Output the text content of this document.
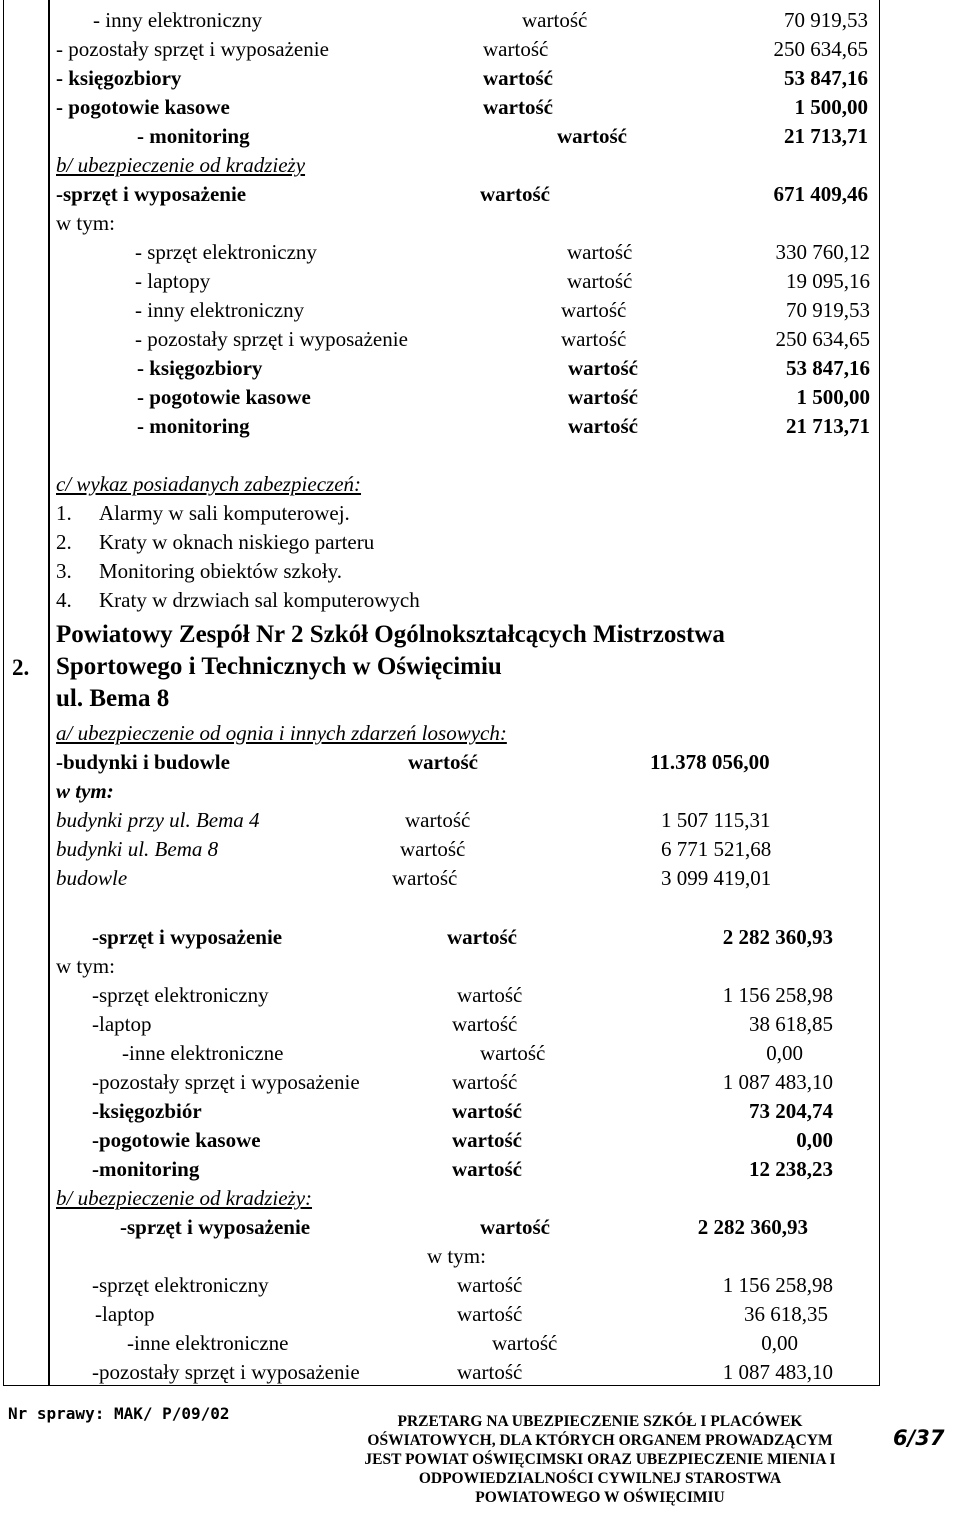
- inny elektroniczny	wartość	70 919,53
- pozostały sprzęt i wyposażenie	wartość	250 634,65
- księgozbiory	wartość	53 847,16
- pogotowie kasowe	wartość	1 500,00
- monitoring	wartość	21 713,71
b/ ubezpieczenie od kradzieży
-sprzęt i wyposażenie	wartość	671 409,46
w tym:
- sprzęt elektroniczny	wartość	330 760,12
- laptopy	wartość	19 095,16
- inny elektroniczny	wartość	70 919,53
- pozostały sprzęt i wyposażenie	wartość	250 634,65
- księgozbiory	wartość	53 847,16
- pogotowie kasowe	wartość	1 500,00
- monitoring	wartość	21 713,71
c/ wykaz posiadanych zabezpieczeń:
1. Alarmy w sali komputerowej.
2. Kraty w oknach niskiego parteru
3. Monitoring obiektów szkoły.
4. Kraty w drzwiach sal komputerowych
2.
Powiatowy Zespół Nr 2 Szkół Ogólnokształcących Mistrzostwa
Sportowego i Technicznych w Oświęcimiu
ul. Bema 8
a/ ubezpieczenie od ognia i innych zdarzeń losowych:
-budynki i budowle	wartość	11.378 056,00
w tym:
budynki przy ul. Bema 4	wartość	1 507 115,31
budynki ul. Bema 8	wartość	6 771 521,68
budowle	wartość	3 099 419,01
-sprzęt i wyposażenie	wartość	2 282 360,93
w tym:
-sprzęt elektroniczny	wartość	1 156 258,98
-laptop	wartość	38 618,85
-inne elektroniczne	wartość	0,00
-pozostały sprzęt i wyposażenie	wartość	1 087 483,10
-księgozbiór	wartość	73 204,74
-pogotowie kasowe	wartość	0,00
-monitoring	wartość	12 238,23
b/ ubezpieczenie od kradzieży:
-sprzęt i wyposażenie	wartość	2 282 360,93
w tym:
-sprzęt elektroniczny	wartość	1 156 258,98
-laptop	wartość	36 618,35
-inne elektroniczne	wartość	0,00
-pozostały sprzęt i wyposażenie	wartość	1 087 483,10
Nr sprawy: MAK/ P/09/02	PRZETARG NA UBEZPIECZENIE SZKÓŁ I PLACÓWEK
OŚWIATOWYCH, DLA KTÓRYCH ORGANEM PROWADZĄCYM
JEST POWIAT OŚWIĘCIMSKI ORAZ UBEZPIECZENIE MIENIA I
ODPOWIEDZIALNOŚCI CYWILNEJ STAROSTWA
POWIATOWEGO W OŚWIĘCIMIU
6/37
